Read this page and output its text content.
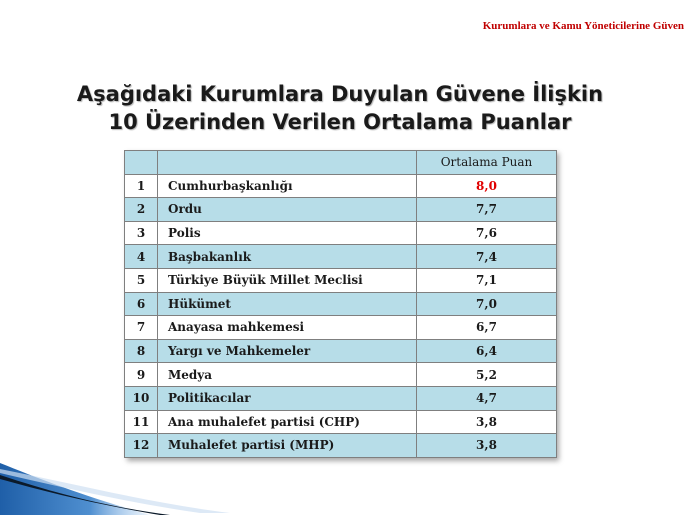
Kurumlara ve Kamu Yöneticilerine Güven
Aşağıdaki Kurumlara Duyulan Güvene İlişkin
10 Üzerinden Verilen Ortalama Puanlar
		Ortalama Puan
1	Cumhurbaşkanlığı	8,0
2	Ordu	7,7
3	Polis	7,6
4	Başbakanlık	7,4
5	Türkiye Büyük Millet Meclisi	7,1
6	Hükümet	7,0
7	Anayasa mahkemesi	6,7
8	Yargı ve Mahkemeler	6,4
9	Medya	5,2
10	Politikacılar	4,7
11	Ana muhalefet partisi (CHP)	3,8
12	Muhalefet partisi (MHP)	3,8
